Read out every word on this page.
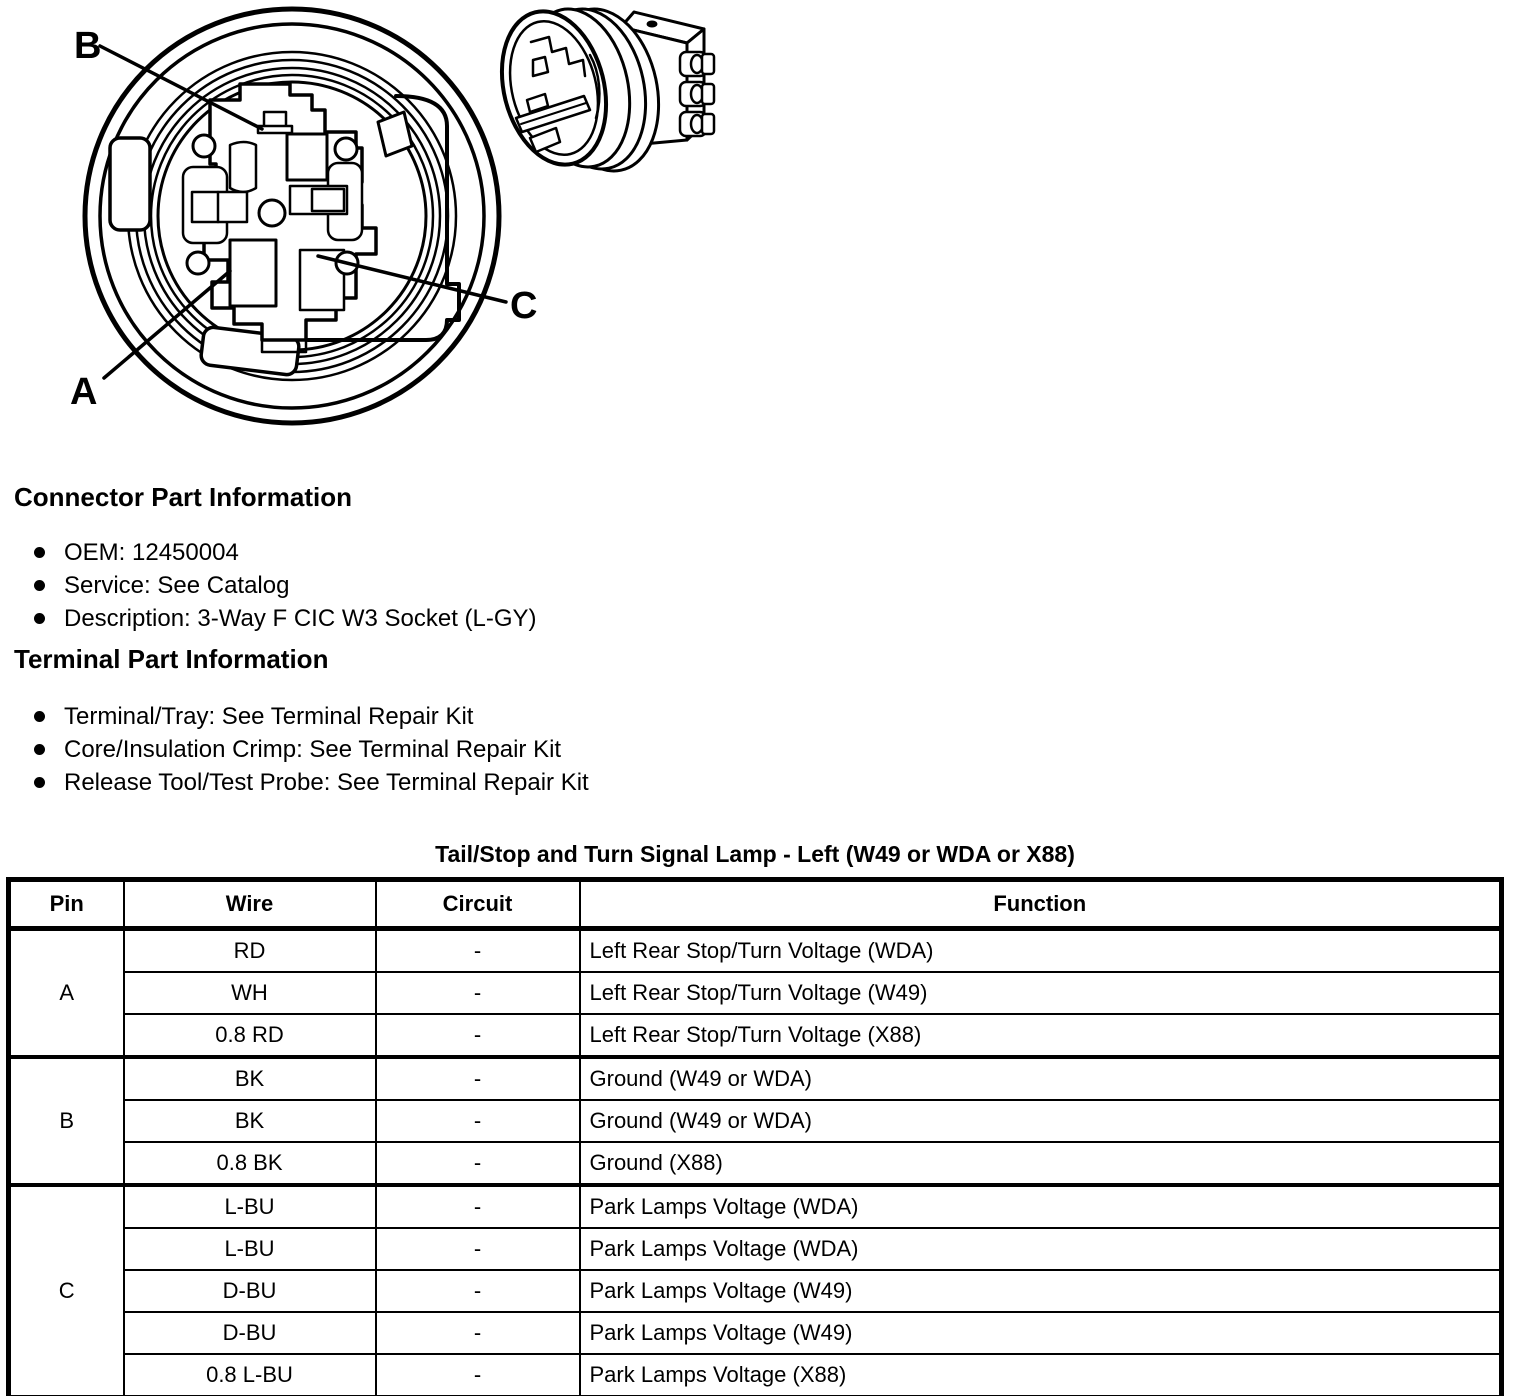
B
A
C
Connector Part Information
OEM: 12450004
Service: See Catalog
Description: 3-Way F CIC W3 Socket (L-GY)
Terminal Part Information
Terminal/Tray: See Terminal Repair Kit
Core/Insulation Crimp: See Terminal Repair Kit
Release Tool/Test Probe: See Terminal Repair Kit
Tail/Stop and Turn Signal Lamp - Left (W49 or WDA or X88)
Pin	Wire	Circuit	Function
A	RD	-	Left Rear Stop/Turn Voltage (WDA)
	WH	-	Left Rear Stop/Turn Voltage (W49)
	0.8 RD	-	Left Rear Stop/Turn Voltage (X88)
B	BK	-	Ground (W49 or WDA)
	BK	-	Ground (W49 or WDA)
	0.8 BK	-	Ground (X88)
C	L-BU	-	Park Lamps Voltage (WDA)
	L-BU	-	Park Lamps Voltage (WDA)
	D-BU	-	Park Lamps Voltage (W49)
	D-BU	-	Park Lamps Voltage (W49)
	0.8 L-BU	-	Park Lamps Voltage (X88)
